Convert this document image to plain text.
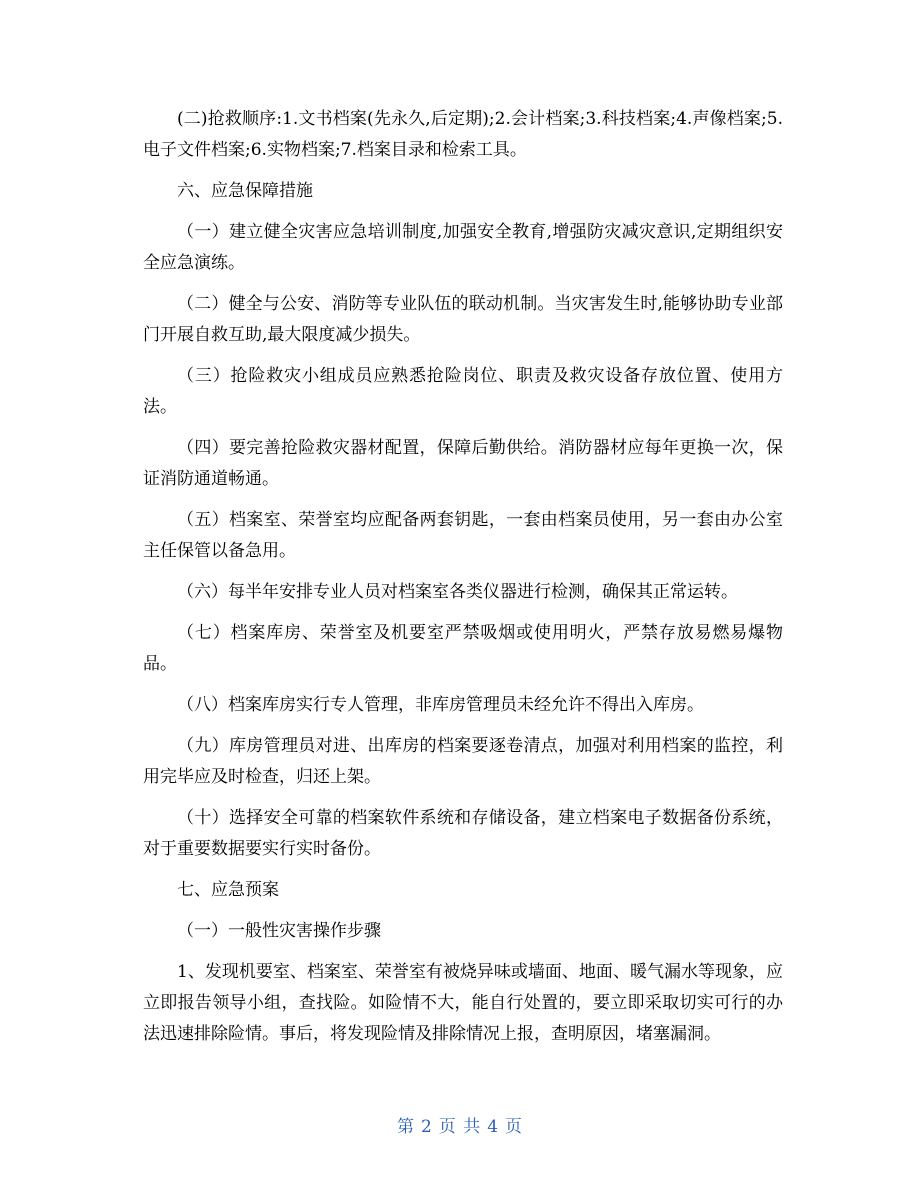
(二)抢救顺序:1.文书档案(先永久,后定期);2.会计档案;3.科技档案;4.声像档案;5.电子文件档案;6.实物档案;7.档案目录和检索工具。

六、应急保障措施

（一）建立健全灾害应急培训制度,加强安全教育,增强防灾减灾意识,定期组织安全应急演练。

（二）健全与公安、消防等专业队伍的联动机制。当灾害发生时,能够协助专业部门开展自救互助,最大限度减少损失。

（三）抢险救灾小组成员应熟悉抢险岗位、职责及救灾设备存放位置、使用方法。

（四）要完善抢险救灾器材配置，保障后勤供给。消防器材应每年更换一次，保证消防通道畅通。

（五）档案室、荣誉室均应配备两套钥匙，一套由档案员使用，另一套由办公室主任保管以备急用。

（六）每半年安排专业人员对档案室各类仪器进行检测，确保其正常运转。

（七）档案库房、荣誉室及机要室严禁吸烟或使用明火，严禁存放易燃易爆物品。

（八）档案库房实行专人管理，非库房管理员未经允许不得出入库房。

（九）库房管理员对进、出库房的档案要逐卷清点，加强对利用档案的监控，利用完毕应及时检查，归还上架。

（十）选择安全可靠的档案软件系统和存储设备，建立档案电子数据备份系统，对于重要数据要实行实时备份。

七、应急预案

（一）一般性灾害操作步骤

1、发现机要室、档案室、荣誉室有被烧异味或墙面、地面、暖气漏水等现象，应立即报告领导小组，查找险。如险情不大，能自行处置的，要立即采取切实可行的办法迅速排除险情。事后，将发现险情及排除情况上报，查明原因，堵塞漏洞。

第 2 页 共 4 页
